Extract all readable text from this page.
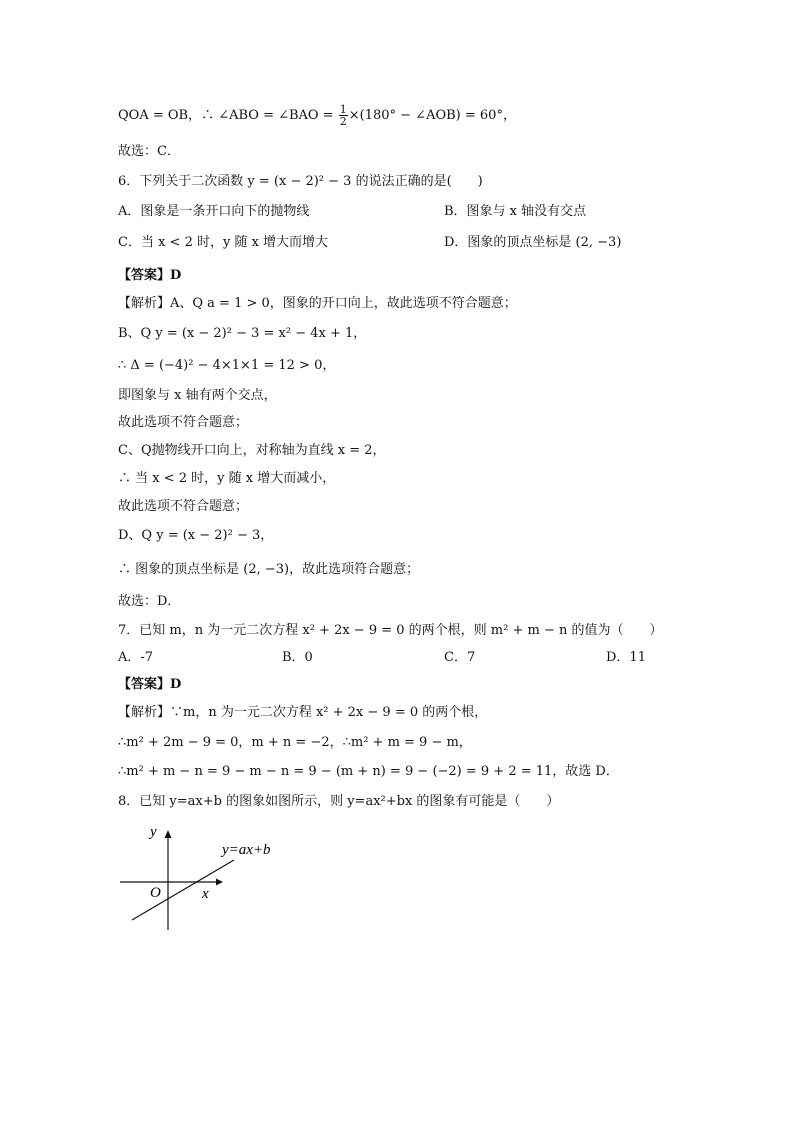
QOA = OB，∴ ∠ABO = ∠BAO = $\frac{1}{2} \times(180^\circ$ − ∠AOB) = 60°，
故选：C．
6．下列关于二次函数 y = (x − 2)² − 3 的说法正确的是(　　)
A．图象是一条开口向下的抛物线	B．图象与 x 轴没有交点
C．当 x < 2 时，y 随 x 增大而增大	D．图象的顶点坐标是 (2, −3)
【答案】D
【解析】A、Q a = 1 > 0，图象的开口向上，故此选项不符合题意；
B、Q y = (x − 2)² − 3 = x² − 4x + 1，
∴ Δ = (−4)² − 4×1×1 = 12 > 0，
即图象与 x 轴有两个交点，
故此选项不符合题意；
C、Q抛物线开口向上，对称轴为直线 x = 2，
∴ 当 x < 2 时，y 随 x 增大而减小，
故此选项不符合题意；
D、Q y = (x − 2)² − 3，
∴ 图象的顶点坐标是 (2, −3)，故此选项符合题意；
故选：D．
7．已知 m，n 为一元二次方程 x² + 2x − 9 = 0 的两个根，则 m² + m − n 的值为（　　）
A．-7	B．0	C．7	D．11
【答案】D
【解析】∵m，n 为一元二次方程 x² + 2x − 9 = 0 的两个根，
∴m² + 2m − 9 = 0，m + n = −2，∴m² + m = 9 − m，
∴m² + m − n = 9 − m − n = 9 − (m + n) = 9 − (−2) = 9 + 2 = 11，故选 D．
8．已知 y=ax+b 的图象如图所示，则 y=ax²+bx 的图象有可能是（　　）
y
x
O
y=ax+b
